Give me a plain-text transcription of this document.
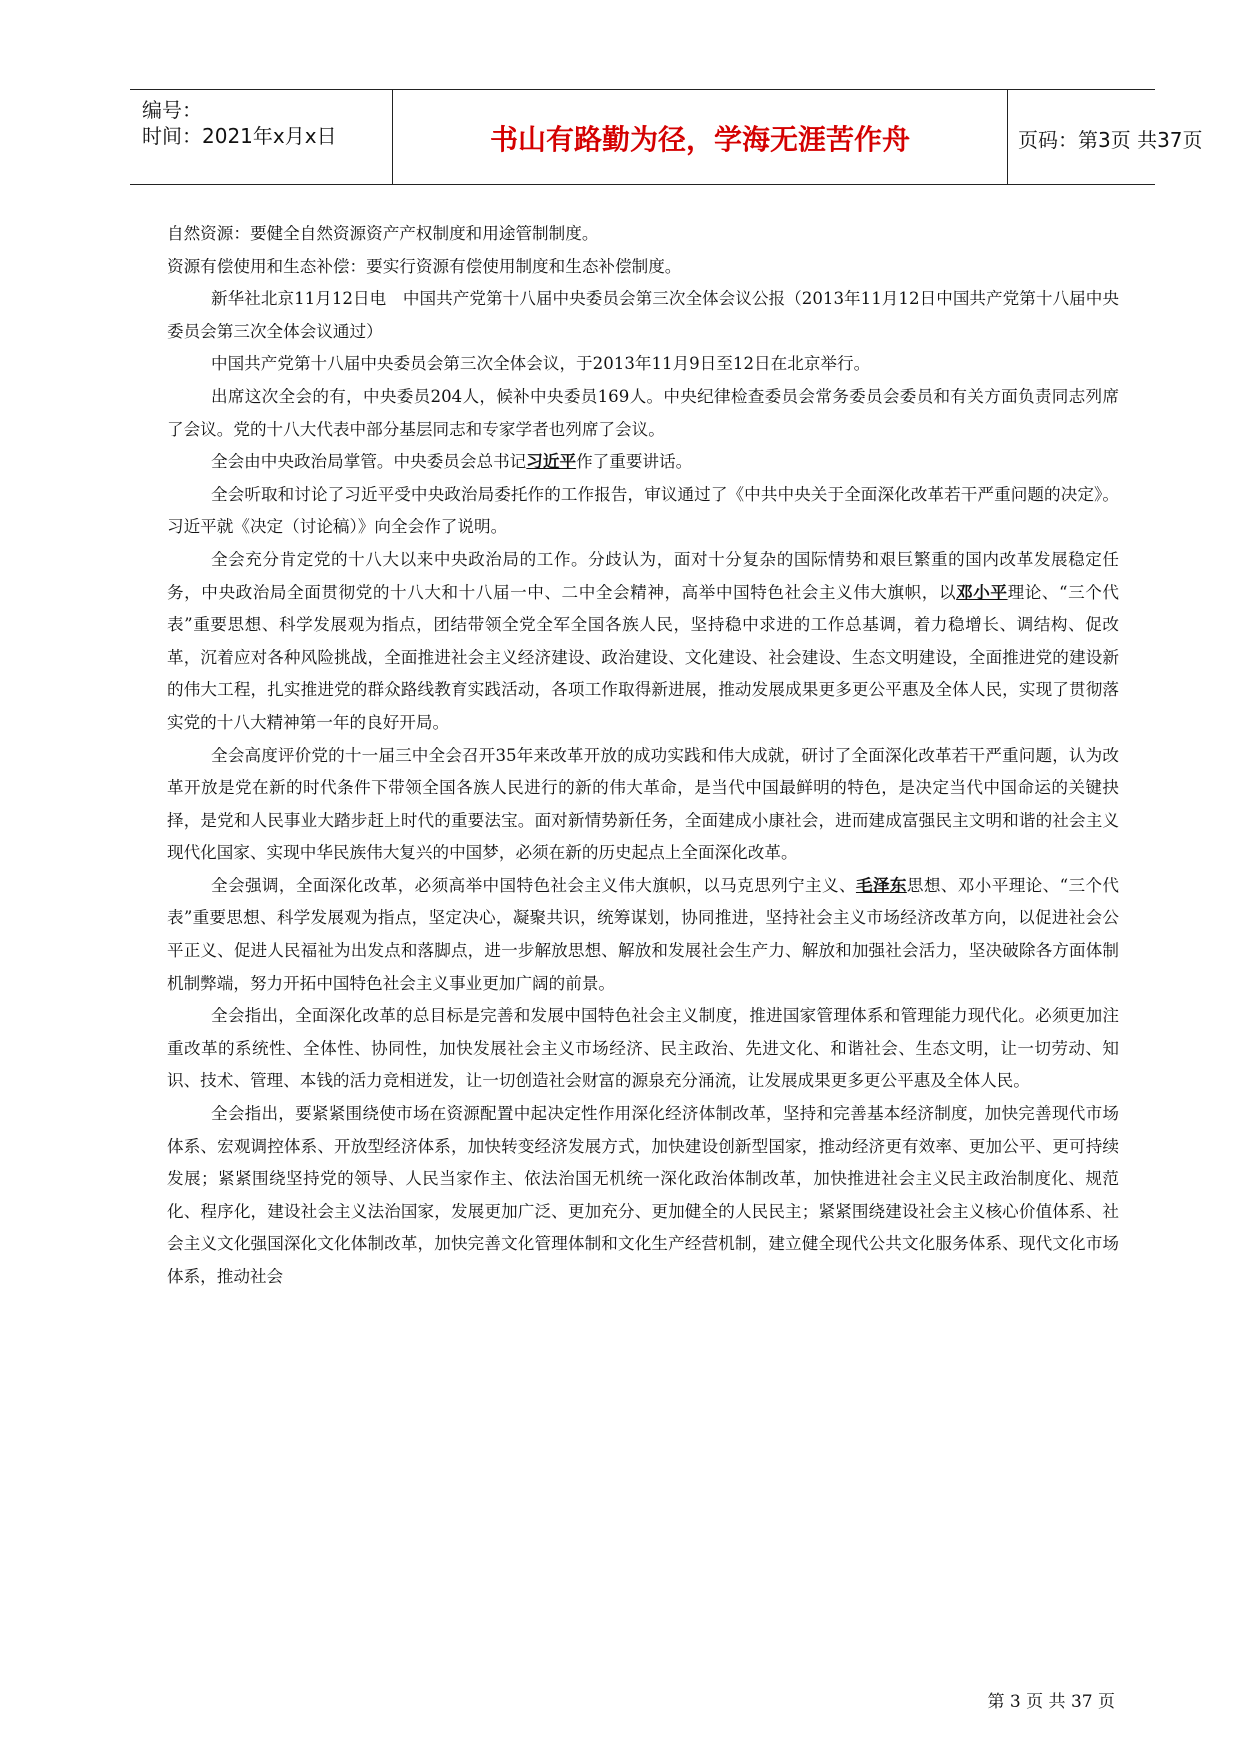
编号：
时间：2021年x月x日	书山有路勤为径，学海无涯苦作舟	页码：第3页 共37页

自然资源：要健全自然资源资产产权制度和用途管制制度。

资源有偿使用和生态补偿：要实行资源有偿使用制度和生态补偿制度。

新华社北京11月12日电　中国共产党第十八届中央委员会第三次全体会议公报（2013年11月12日中国共产党第十八届中央委员会第三次全体会议通过）

中国共产党第十八届中央委员会第三次全体会议，于2013年11月9日至12日在北京举行。

出席这次全会的有，中央委员204人，候补中央委员169人。中央纪律检查委员会常务委员会委员和有关方面负责同志列席了会议。党的十八大代表中部分基层同志和专家学者也列席了会议。

全会由中央政治局掌管。中央委员会总书记习近平作了重要讲话。

全会听取和讨论了习近平受中央政治局委托作的工作报告，审议通过了《中共中央关于全面深化改革若干严重问题的决定》。习近平就《决定（讨论稿）》向全会作了说明。

全会充分肯定党的十八大以来中央政治局的工作。分歧认为，面对十分复杂的国际情势和艰巨繁重的国内改革发展稳定任务，中央政治局全面贯彻党的十八大和十八届一中、二中全会精神，高举中国特色社会主义伟大旗帜，以邓小平理论、“三个代表”重要思想、科学发展观为指点，团结带领全党全军全国各族人民，坚持稳中求进的工作总基调，着力稳增长、调结构、促改革，沉着应对各种风险挑战，全面推进社会主义经济建设、政治建设、文化建设、社会建设、生态文明建设，全面推进党的建设新的伟大工程，扎实推进党的群众路线教育实践活动，各项工作取得新进展，推动发展成果更多更公平惠及全体人民，实现了贯彻落实党的十八大精神第一年的良好开局。

全会高度评价党的十一届三中全会召开35年来改革开放的成功实践和伟大成就，研讨了全面深化改革若干严重问题，认为改革开放是党在新的时代条件下带领全国各族人民进行的新的伟大革命，是当代中国最鲜明的特色，是决定当代中国命运的关键抉择，是党和人民事业大踏步赶上时代的重要法宝。面对新情势新任务，全面建成小康社会，进而建成富强民主文明和谐的社会主义现代化国家、实现中华民族伟大复兴的中国梦，必须在新的历史起点上全面深化改革。

全会强调，全面深化改革，必须高举中国特色社会主义伟大旗帜，以马克思列宁主义、毛泽东思想、邓小平理论、“三个代表”重要思想、科学发展观为指点，坚定决心，凝聚共识，统筹谋划，协同推进，坚持社会主义市场经济改革方向，以促进社会公平正义、促进人民福祉为出发点和落脚点，进一步解放思想、解放和发展社会生产力、解放和加强社会活力，坚决破除各方面体制机制弊端，努力开拓中国特色社会主义事业更加广阔的前景。

全会指出，全面深化改革的总目标是完善和发展中国特色社会主义制度，推进国家管理体系和管理能力现代化。必须更加注重改革的系统性、全体性、协同性，加快发展社会主义市场经济、民主政治、先进文化、和谐社会、生态文明，让一切劳动、知识、技术、管理、本钱的活力竞相迸发，让一切创造社会财富的源泉充分涌流，让发展成果更多更公平惠及全体人民。

全会指出，要紧紧围绕使市场在资源配置中起决定性作用深化经济体制改革，坚持和完善基本经济制度，加快完善现代市场体系、宏观调控体系、开放型经济体系，加快转变经济发展方式，加快建设创新型国家，推动经济更有效率、更加公平、更可持续发展；紧紧围绕坚持党的领导、人民当家作主、依法治国无机统一深化政治体制改革，加快推进社会主义民主政治制度化、规范化、程序化，建设社会主义法治国家，发展更加广泛、更加充分、更加健全的人民民主；紧紧围绕建设社会主义核心价值体系、社会主义文化强国深化文化体制改革，加快完善文化管理体制和文化生产经营机制，建立健全现代公共文化服务体系、现代文化市场体系，推动社会

第 3 页 共 37 页
